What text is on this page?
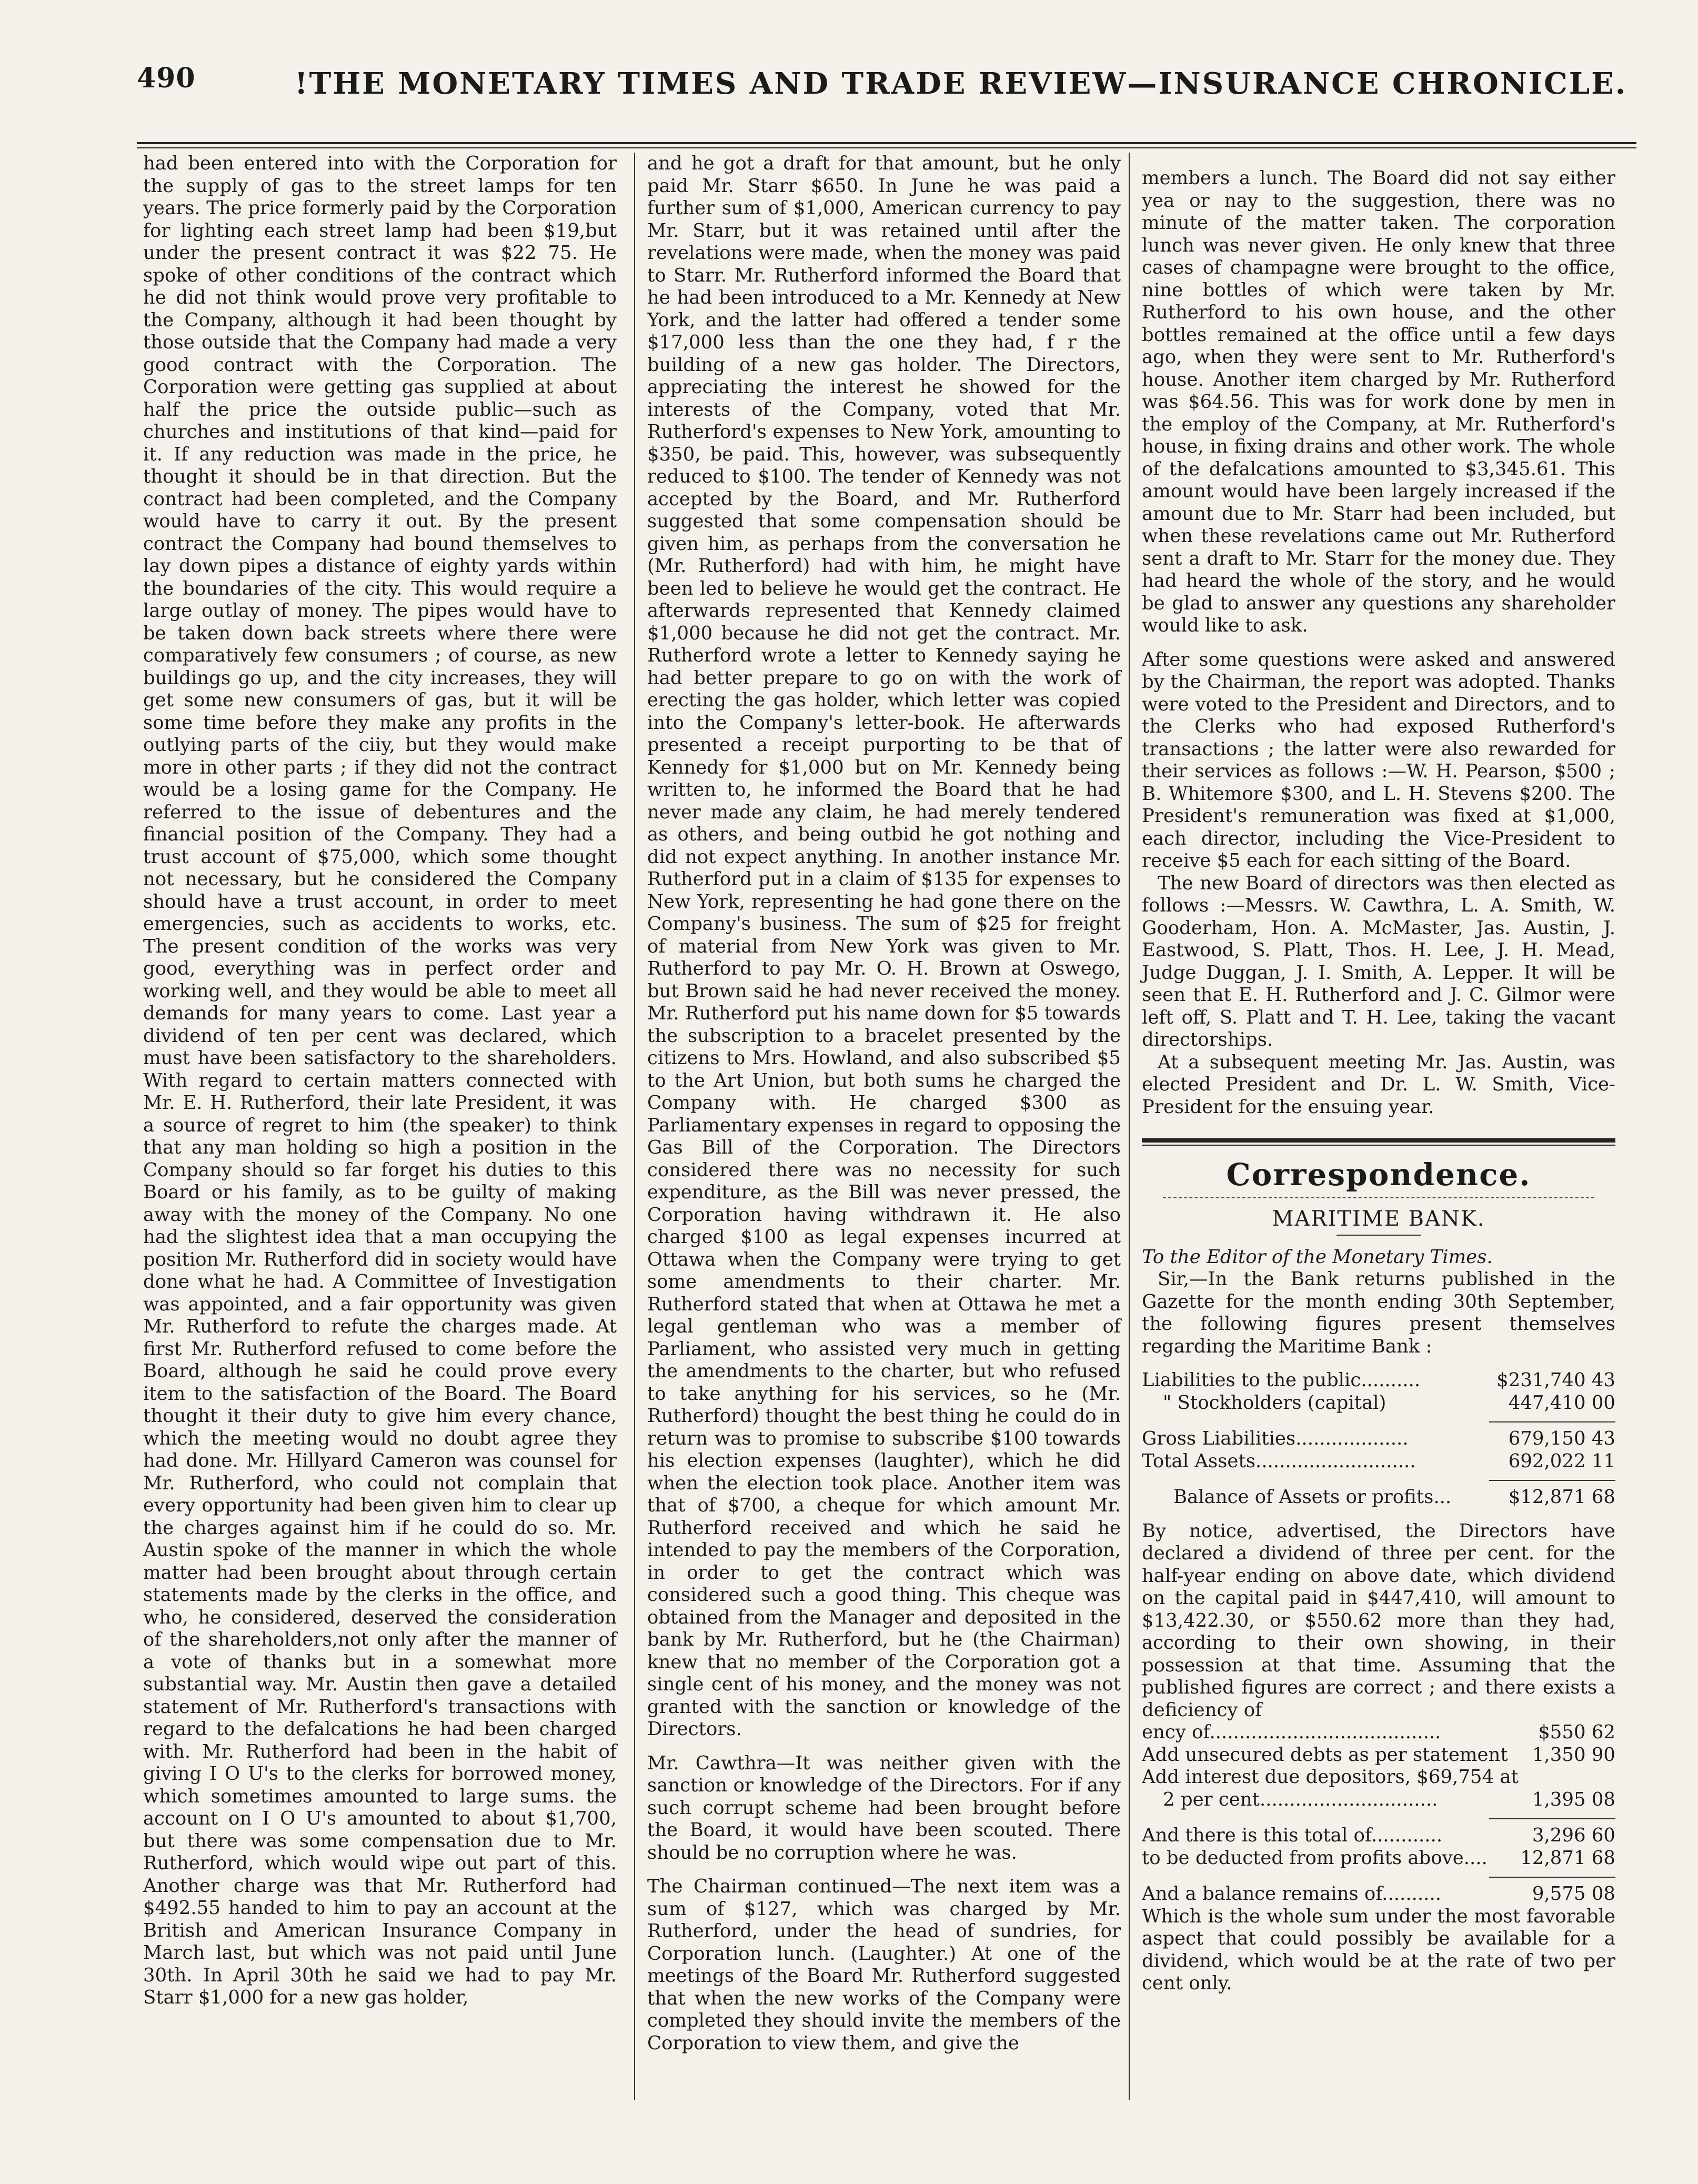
490	!THE MONETARY TIMES AND TRADE REVIEW—INSURANCE CHRONICLE.

had been entered into with the Corporation for the supply of gas to the street lamps for ten years. The price formerly paid by the Corporation for lighting each street lamp had been $19,but under the present contract it was $22 75. He spoke of other conditions of the contract which he did not think would prove very profitable to the Company, although it had been thought by those outside that the Company had made a very good contract with the Corporation. The Corporation were getting gas supplied at about half the price the outside public—such as churches and institutions of that kind—paid for it. If any reduction was made in the price, he thought it should be in that direction. But the contract had been completed, and the Company would have to carry it out. By the present contract the Company had bound themselves to lay down pipes a distance of eighty yards within the boundaries of the city. This would require a large outlay of money. The pipes would have to be taken down back streets where there were comparatively few consumers ; of course, as new buildings go up, and the city increases, they will get some new consumers of gas, but it will be some time before they make any profits in the outlying parts of the ciiy, but they would make more in other parts ; if they did not the contract would be a losing game for the Company. He referred to the issue of debentures and the financial position of the Company. They had a trust account of $75,000, which some thought not necessary, but he considered the Company should have a trust account, in order to meet emergencies, such as accidents to works, etc. The present condition of the works was very good, everything was in perfect order and working well, and they would be able to meet all demands for many years to come. Last year a dividend of ten per cent was declared, which must have been satisfactory to the shareholders. With regard to certain matters connected with Mr. E. H. Rutherford, their late President, it was a source of regret to him (the speaker) to think that any man holding so high a position in the Company should so far forget his duties to this Board or his family, as to be guilty of making away with the money of the Company. No one had the slightest idea that a man occupying the position Mr. Rutherford did in society would have done what he had. A Committee of Investigation was appointed, and a fair opportunity was given Mr. Rutherford to refute the charges made. At first Mr. Rutherford refused to come before the Board, although he said he could prove every item to the satisfaction of the Board. The Board thought it their duty to give him every chance, which the meeting would no doubt agree they had done. Mr. Hillyard Cameron was counsel for Mr. Rutherford, who could not complain that every opportunity had been given him to clear up the charges against him if he could do so. Mr. Austin spoke of the manner in which the whole matter had been brought about through certain statements made by the clerks in the office, and who, he considered, deserved the consideration of the shareholders,not only after the manner of a vote of thanks but in a somewhat more substantial way. Mr. Austin then gave a detailed statement of Mr. Rutherford's transactions with regard to the defalcations he had been charged with. Mr. Rutherford had been in the habit of giving I O U's to the clerks for borrowed money, which sometimes amounted to large sums. the account on I O U's amounted to about $1,700, but there was some compensation due to Mr. Rutherford, which would wipe out part of this. Another charge was that Mr. Rutherford had $492.55 handed to him to pay an account at the British and American Insurance Company in March last, but which was not paid until June 30th. In April 30th he said we had to pay Mr. Starr $1,000 for a new gas holder,

and he got a draft for that amount, but he only paid Mr. Starr $650. In June he was paid a further sum of $1,000, American currency to pay Mr. Starr, but it was retained until after the revelations were made, when the money was paid to Starr. Mr. Rutherford informed the Board that he had been introduced to a Mr. Kennedy at New York, and the latter had offered a tender some $17,000 less than the one they had, f r the building of a new gas holder. The Directors, appreciating the interest he showed for the interests of the Company, voted that Mr. Rutherford's expenses to New York, amounting to $350, be paid. This, however, was subsequently reduced to $100. The tender of Kennedy was not accepted by the Board, and Mr. Rutherford suggested that some compensation should be given him, as perhaps from the conversation he (Mr. Rutherford) had with him, he might have been led to believe he would get the contract. He afterwards represented that Kennedy claimed $1,000 because he did not get the contract. Mr. Rutherford wrote a letter to Kennedy saying he had better prepare to go on with the work of erecting the gas holder, which letter was copied into the Company's letter-book. He afterwards presented a receipt purporting to be that of Kennedy for $1,000 but on Mr. Kennedy being written to, he informed the Board that he had never made any claim, he had merely tendered as others, and being outbid he got nothing and did not expect anything. In another instance Mr. Rutherford put in a claim of $135 for expenses to New York, representing he had gone there on the Company's business. The sum of $25 for freight of material from New York was given to Mr. Rutherford to pay Mr. O. H. Brown at Oswego, but Brown said he had never received the money. Mr. Rutherford put his name down for $5 towards the subscription to a bracelet presented by the citizens to Mrs. Howland, and also subscribed $5 to the Art Union, but both sums he charged the Company with. He charged $300 as Parliamentary expenses in regard to opposing the Gas Bill of the Corporation. The Directors considered there was no necessity for such expenditure, as the Bill was never pressed, the Corporation having withdrawn it. He also charged $100 as legal expenses incurred at Ottawa when the Company were trying to get some amendments to their charter. Mr. Rutherford stated that when at Ottawa he met a legal gentleman who was a member of Parliament, who assisted very much in getting the amendments to the charter, but who refused to take anything for his services, so he (Mr. Rutherford) thought the best thing he could do in return was to promise to subscribe $100 towards his election expenses (laughter), which he did when the election took place. Another item was that of $700, a cheque for which amount Mr. Rutherford received and which he said he intended to pay the members of the Corporation, in order to get the contract which was considered such a good thing. This cheque was obtained from the Manager and deposited in the bank by Mr. Rutherford, but he (the Chairman) knew that no member of the Corporation got a single cent of his money, and the money was not granted with the sanction or knowledge of the Directors.

Mr. Cawthra—It was neither given with the sanction or knowledge of the Directors. For if any such corrupt scheme had been brought before the Board, it would have been scouted. There should be no corruption where he was.

The Chairman continued—The next item was a sum of $127, which was charged by Mr. Rutherford, under the head of sundries, for Corporation lunch. (Laughter.) At one of the meetings of the Board Mr. Rutherford suggested that when the new works of the Company were completed they should invite the members of the Corporation to view them, and give the

members a lunch. The Board did not say either yea or nay to the suggestion, there was no minute of the matter taken. The corporation lunch was never given. He only knew that three cases of champagne were brought to the office, nine bottles of which were taken by Mr. Rutherford to his own house, and the other bottles remained at the office until a few days ago, when they were sent to Mr. Rutherford's house. Another item charged by Mr. Rutherford was $64.56. This was for work done by men in the employ of the Company, at Mr. Rutherford's house, in fixing drains and other work. The whole of the defalcations amounted to $3,345.61. This amount would have been largely increased if the amount due to Mr. Starr had been included, but when these revelations came out Mr. Rutherford sent a draft to Mr. Starr for the money due. They had heard the whole of the story, and he would be glad to answer any questions any shareholder would like to ask.

After some questions were asked and answered by the Chairman, the report was adopted. Thanks were voted to the President and Directors, and to the Clerks who had exposed Rutherford's transactions ; the latter were also rewarded for their services as follows :—W. H. Pearson, $500 ; B. Whitemore $300, and L. H. Stevens $200. The President's remuneration was fixed at $1,000, each director, including the Vice-President to receive $5 each for each sitting of the Board.

The new Board of directors was then elected as follows :—Messrs. W. Cawthra, L. A. Smith, W. Gooderham, Hon. A. McMaster, Jas. Austin, J. Eastwood, S. Platt, Thos. H. Lee, J. H. Mead, Judge Duggan, J. I. Smith, A. Lepper. It will be seen that E. H. Rutherford and J. C. Gilmor were left off, S. Platt and T. H. Lee, taking the vacant directorships.

At a subsequent meeting Mr. Jas. Austin, was elected President and Dr. L. W. Smith, Vice-President for the ensuing year.

Correspondence.
MARITIME BANK.

To the Editor of the Monetary Times.

Sir,—In the Bank returns published in the Gazette for the month ending 30th September, the following figures present themselves regarding the Maritime Bank :

Liabilities to the public..........	$231,740 43
" Stockholders (capital)	447,410 00
Gross Liabilities...................	679,150 43
Total Assets...........................	692,022 11
Balance of Assets or profits...	$12,871 68

By notice, advertised, the Directors have declared a dividend of three per cent. for the half-year ending on above date, which dividend on the capital paid in $447,410, will amount to $13,422.30, or $550.62 more than they had, according to their own showing, in their possession at that time. Assuming that the published figures are correct ; and there exists a deficiency of

ency of.......................................	$550 62
Add unsecured debts as per statement	1,350 90
Add interest due depositors, $69,754 at
2 per cent..............................	1,395 08
And there is this total of............	3,296 60
to be deducted from profits above....	12,871 68
And a balance remains of..........	9,575 08

Which is the whole sum under the most favorable aspect that could possibly be available for a dividend, which would be at the rate of two per cent only.
